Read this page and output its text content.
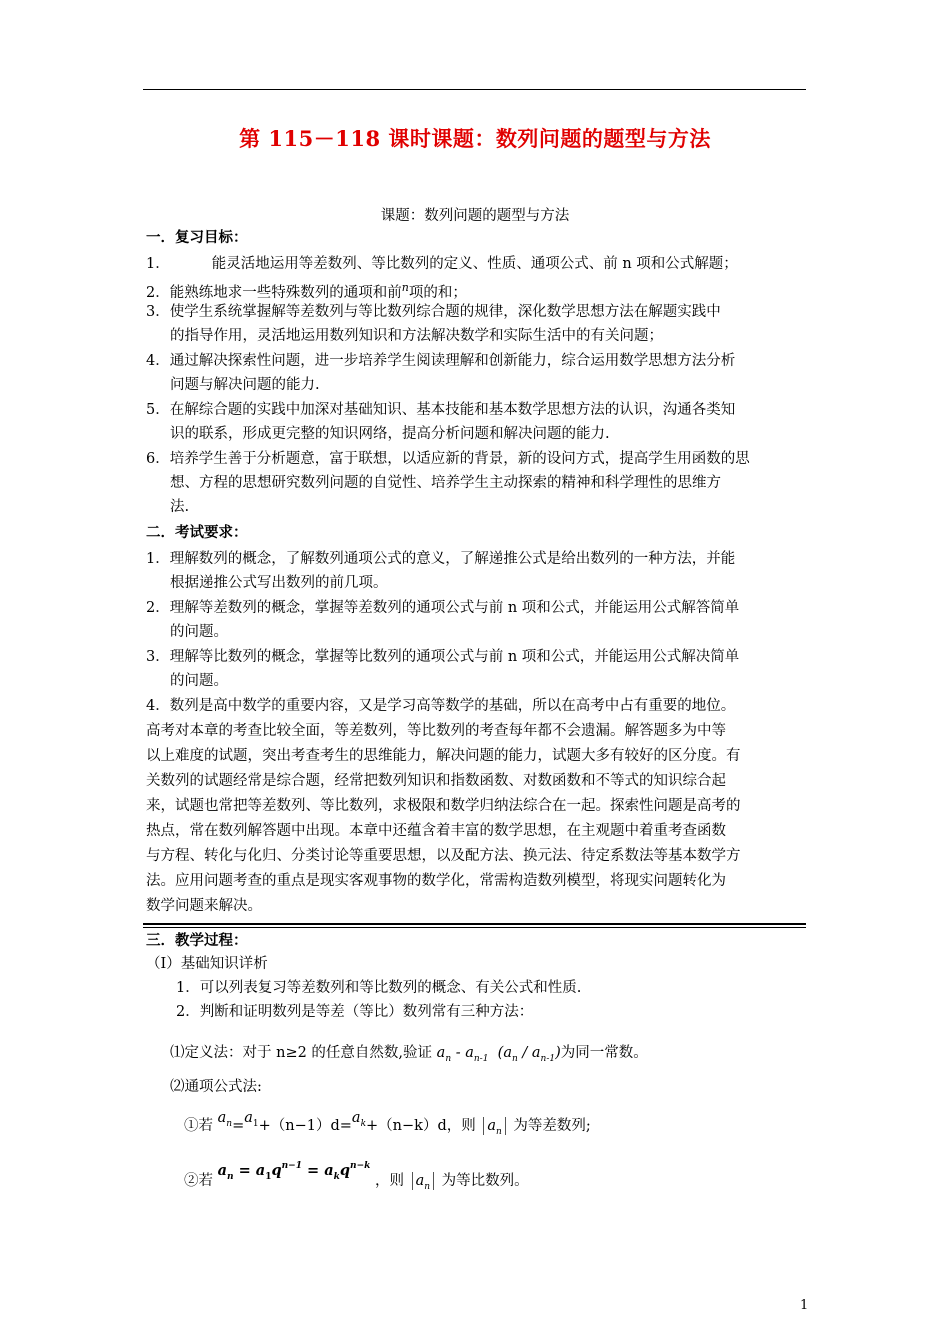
第 115－118 课时课题：数列问题的题型与方法
课题：数列问题的题型与方法
一．复习目标：
1．	能灵活地运用等差数列、等比数列的定义、性质、通项公式、前 n 项和公式解题；
2．能熟练地求一些特殊数列的通项和前$^n$项的和；
3．使学生系统掌握解等差数列与等比数列综合题的规律，深化数学思想方法在解题实践中
的指导作用，灵活地运用数列知识和方法解决数学和实际生活中的有关问题；
4．通过解决探索性问题，进一步培养学生阅读理解和创新能力，综合运用数学思想方法分析
问题与解决问题的能力.
5．在解综合题的实践中加深对基础知识、基本技能和基本数学思想方法的认识，沟通各类知
识的联系，形成更完整的知识网络，提高分析问题和解决问题的能力.
6．培养学生善于分析题意，富于联想，以适应新的背景，新的设问方式，提高学生用函数的思
想、方程的思想研究数列问题的自觉性、培养学生主动探索的精神和科学理性的思维方
法.
二．考试要求：
1．理解数列的概念，了解数列通项公式的意义，了解递推公式是给出数列的一种方法，并能
根据递推公式写出数列的前几项。
2．理解等差数列的概念，掌握等差数列的通项公式与前 n 项和公式，并能运用公式解答简单
的问题。
3．理解等比数列的概念，掌握等比数列的通项公式与前 n 项和公式，并能运用公式解决简单
的问题。
4．数列是高中数学的重要内容，又是学习高等数学的基础，所以在高考中占有重要的地位。
高考对本章的考查比较全面，等差数列，等比数列的考查每年都不会遗漏。解答题多为中等
以上难度的试题，突出考查考生的思维能力，解决问题的能力，试题大多有较好的区分度。有
关数列的试题经常是综合题，经常把数列知识和指数函数、对数函数和不等式的知识综合起
来，试题也常把等差数列、等比数列，求极限和数学归纳法综合在一起。探索性问题是高考的
热点，常在数列解答题中出现。本章中还蕴含着丰富的数学思想，在主观题中着重考查函数
与方程、转化与化归、分类讨论等重要思想，以及配方法、换元法、待定系数法等基本数学方
法。应用问题考查的重点是现实客观事物的数学化，常需构造数列模型，将现实问题转化为
数学问题来解决。
三．教学过程：
（Ⅰ）基础知识详析
1．可以列表复习等差数列和等比数列的概念、有关公式和性质.
2．判断和证明数列是等差（等比）数列常有三种方法：
⑴定义法：对于 n≥2 的任意自然数,验证 $a_n - a_{n-1}$ $(a_n / a_{n-1})$为同一常数。
⑵通项公式法:
①若 $a_n=a_1+(n-1)d=a_k+(n-k)d$，则 $a_n$ 为等差数列;
②若 $a_n = a_1q^{n-1} = a_kq^{n-k}$ ，则 $a_n$ 为等比数列。
1
